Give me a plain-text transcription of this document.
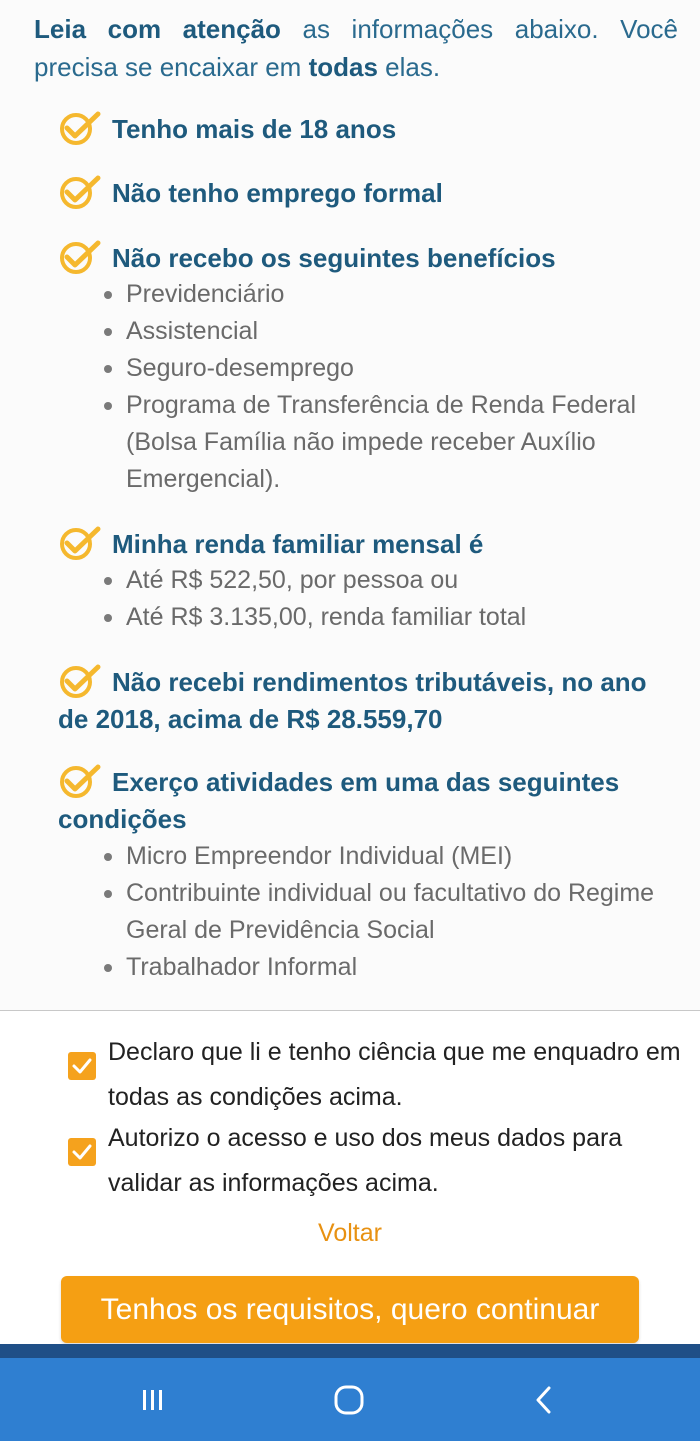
Leia com atenção as informações abaixo. Você precisa se encaixar em todas elas.
Tenho mais de 18 anos
Não tenho emprego formal
Não recebo os seguintes benefícios
Previdenciário
Assistencial
Seguro-desemprego
Programa de Transferência de Renda Federal (Bolsa Família não impede receber Auxílio Emergencial).
Minha renda familiar mensal é
Até R$ 522,50, por pessoa ou
Até R$ 3.135,00, renda familiar total
Não recebi rendimentos tributáveis, no ano de 2018, acima de R$ 28.559,70
Exerço atividades em uma das seguintes condições
Micro Empreendor Individual (MEI)
Contribuinte individual ou facultativo do Regime Geral de Previdência Social
Trabalhador Informal
Declaro que li e tenho ciência que me enquadro em todas as condições acima.
Autorizo o acesso e uso dos meus dados para validar as informações acima.
Voltar
Tenhos os requisitos, quero continuar
